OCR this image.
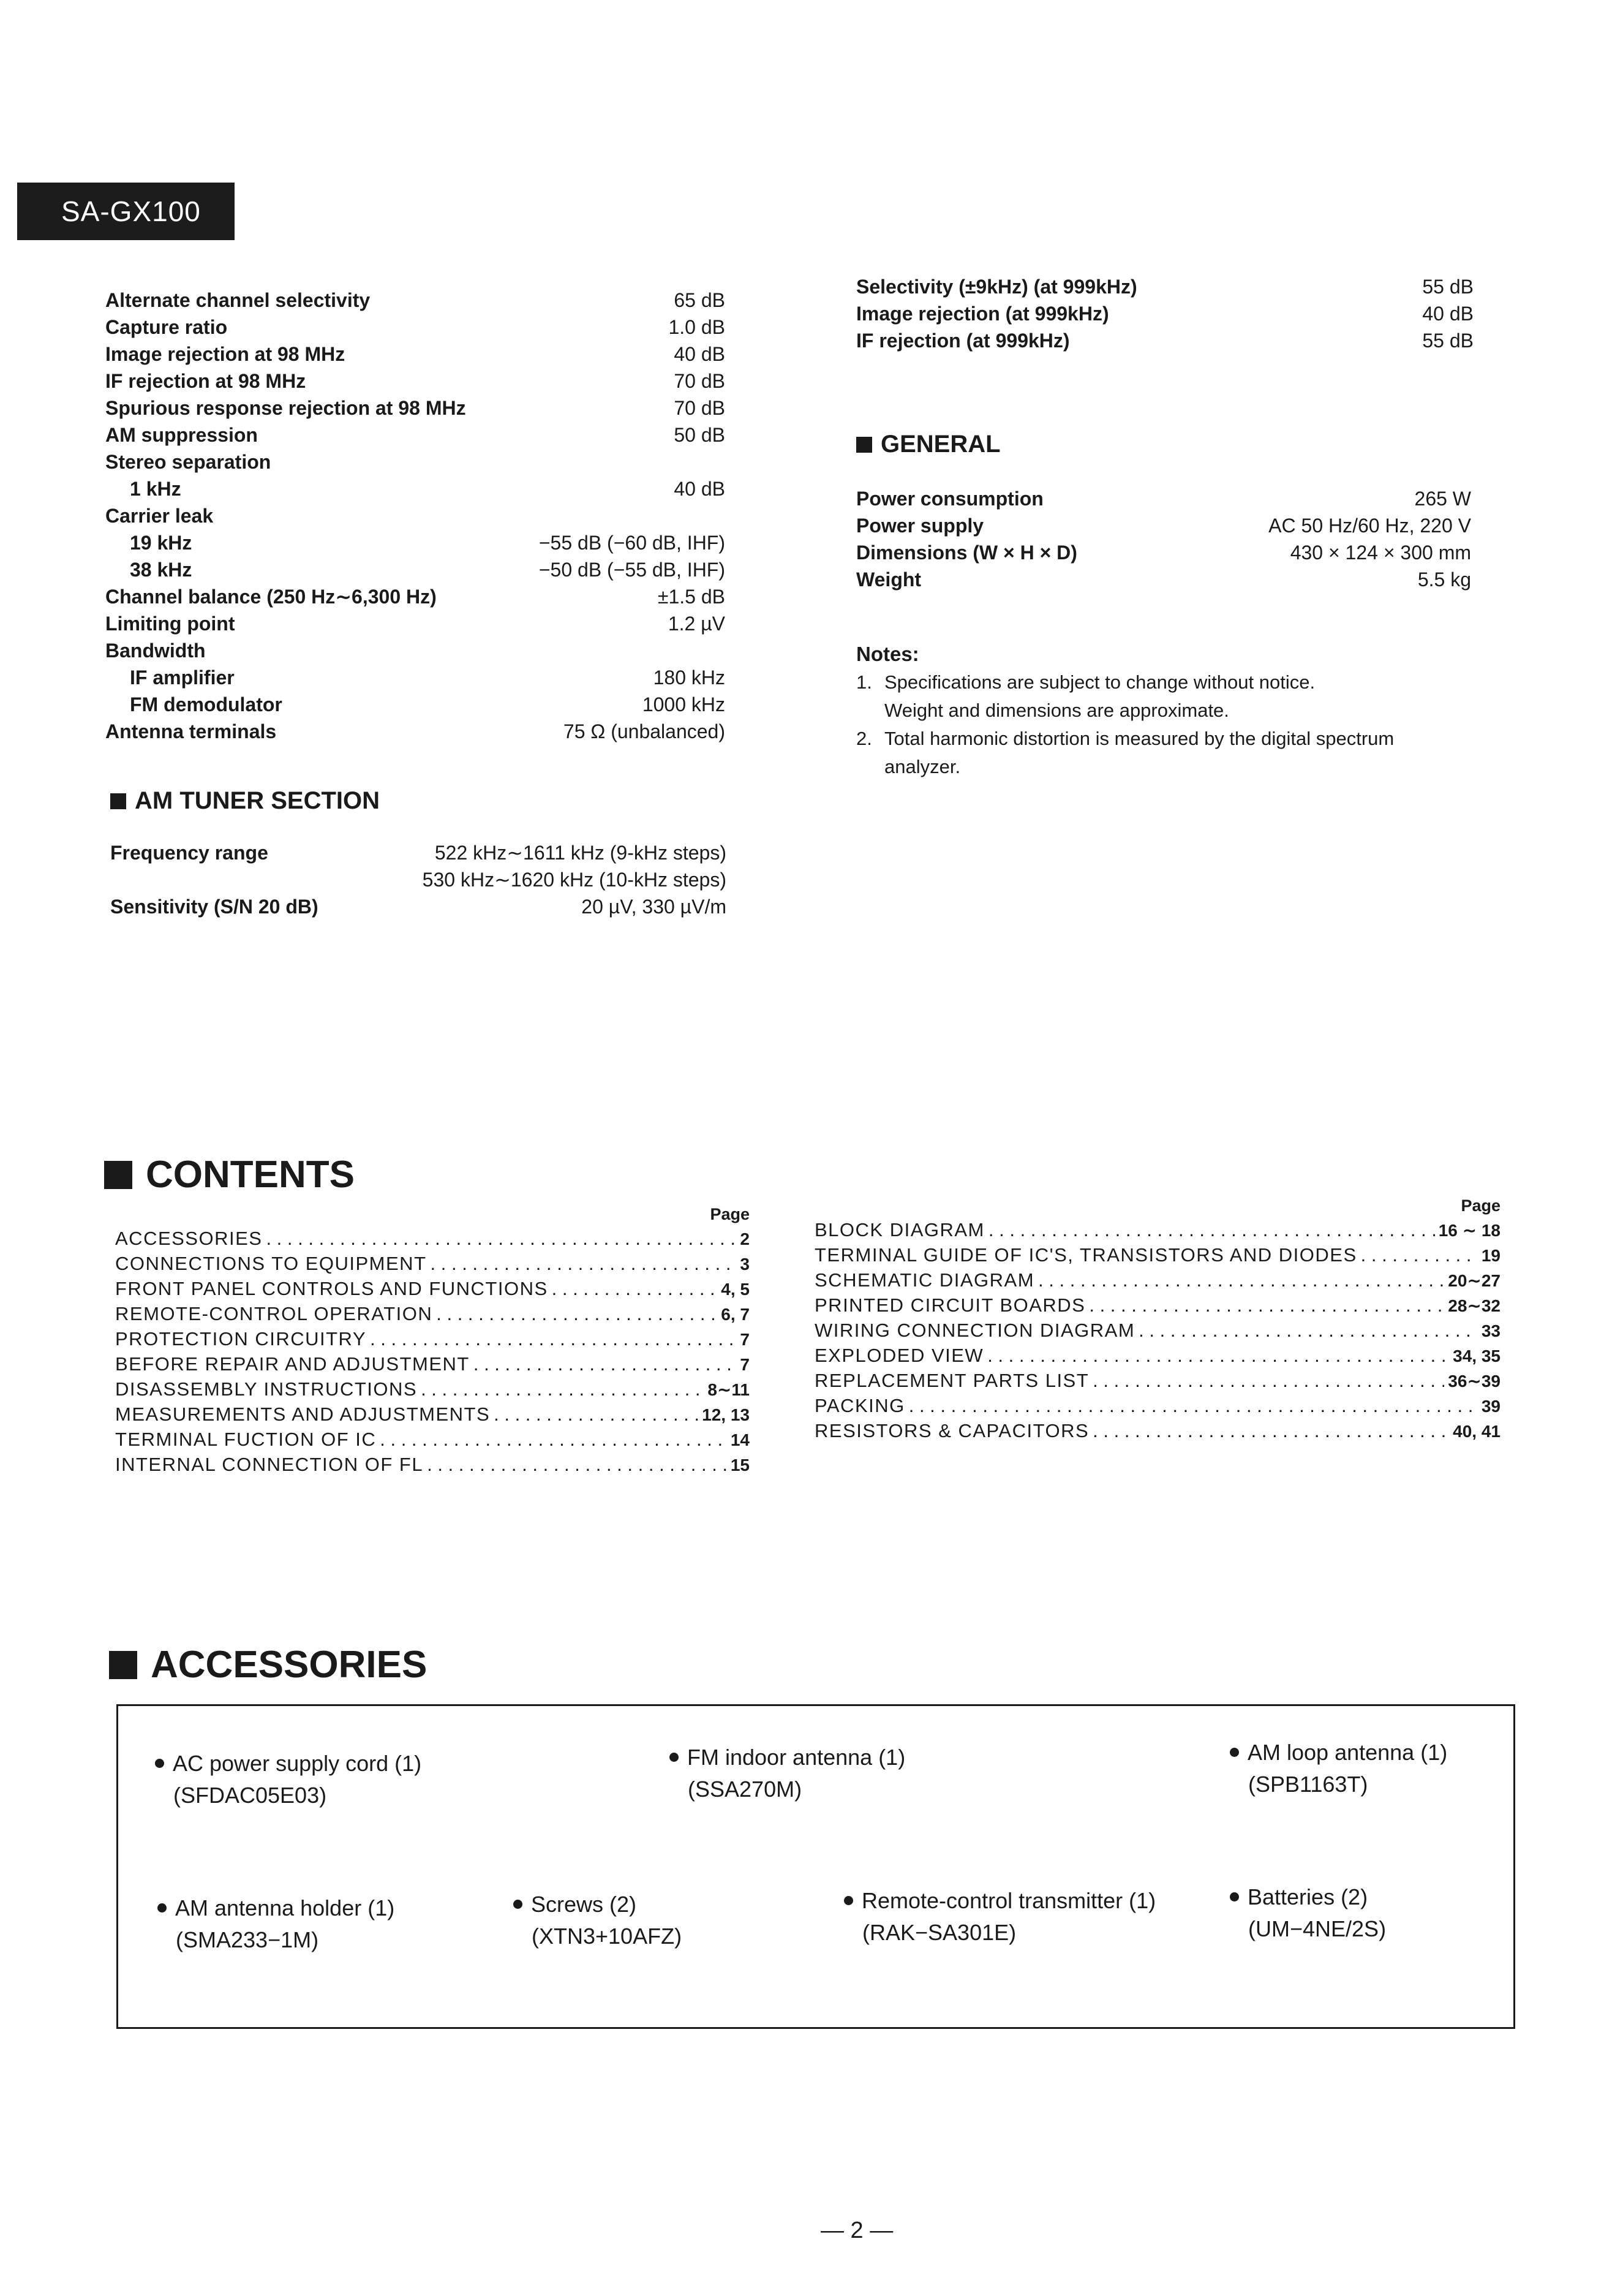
SA-GX100
Alternate channel selectivity	65 dB
Capture ratio	1.0 dB
Image rejection at 98 MHz	40 dB
IF rejection at 98 MHz	70 dB
Spurious response rejection at 98 MHz	70 dB
AM suppression	50 dB
Stereo separation
1 kHz	40 dB
Carrier leak
19 kHz	−55 dB (−60 dB, IHF)
38 kHz	−50 dB (−55 dB, IHF)
Channel balance (250 Hz∼6,300 Hz)	±1.5 dB
Limiting point	1.2 µV
Bandwidth
IF amplifier	180 kHz
FM demodulator	1000 kHz
Antenna terminals	75 Ω (unbalanced)
AM TUNER SECTION
Frequency range	522 kHz∼1611 kHz (9-kHz steps)
530 kHz∼1620 kHz (10-kHz steps)
Sensitivity (S/N 20 dB)	20 µV, 330 µV/m
Selectivity (±9kHz) (at 999kHz)	55 dB
Image rejection (at 999kHz)	40 dB
IF rejection (at 999kHz)	55 dB
GENERAL
Power consumption	265 W
Power supply	AC 50 Hz/60 Hz, 220 V
Dimensions (W × H × D)	430 × 124 × 300 mm
Weight	5.5 kg
Notes:
1. Specifications are subject to change without notice.
Weight and dimensions are approximate.
2. Total harmonic distortion is measured by the digital spectrum
analyzer.
CONTENTS
Page
ACCESSORIES . . .	2
CONNECTIONS TO EQUIPMENT . . .	3
FRONT PANEL CONTROLS AND FUNCTIONS . . .	4, 5
REMOTE-CONTROL OPERATION . . .	6, 7
PROTECTION CIRCUITRY . . .	7
BEFORE REPAIR AND ADJUSTMENT . . .	7
DISASSEMBLY INSTRUCTIONS . . .	8∼11
MEASUREMENTS AND ADJUSTMENTS . . .	12, 13
TERMINAL FUCTION OF IC . . .	14
INTERNAL CONNECTION OF FL . . .	15
Page
BLOCK DIAGRAM . . .	16 ∼ 18
TERMINAL GUIDE OF IC'S, TRANSISTORS AND DIODES . . .	19
SCHEMATIC DIAGRAM . . .	20∼27
PRINTED CIRCUIT BOARDS . . .	28∼32
WIRING CONNECTION DIAGRAM . . .	33
EXPLODED VIEW . . .	34, 35
REPLACEMENT PARTS LIST . . .	36∼39
PACKING . . .	39
RESISTORS & CAPACITORS . . .	40, 41
ACCESSORIES
AC power supply cord (1)
(SFDAC05E03)
FM indoor antenna (1)
(SSA270M)
AM loop antenna (1)
(SPB1163T)
AM antenna holder (1)
(SMA233−1M)
Screws (2)
(XTN3+10AFZ)
Remote-control transmitter (1)
(RAK−SA301E)
Batteries (2)
(UM−4NE/2S)
— 2 —
